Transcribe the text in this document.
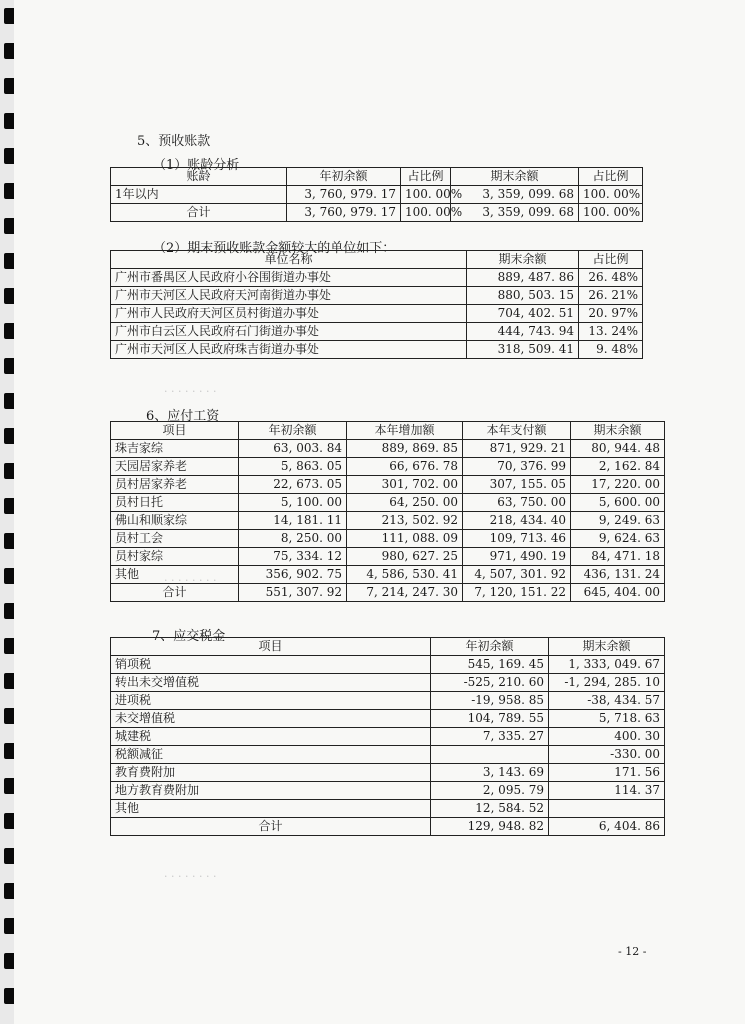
· · · · · · · ·
· · · · · · · ·
· · · · · · · ·
5、预收账款
（1）账龄分析
账龄	年初余额	占比例	期末余额	占比例
1年以内	3, 760, 979. 17	100. 00%	3, 359, 099. 68	100. 00%
合计	3, 760, 979. 17	100. 00%	3, 359, 099. 68	100. 00%
（2）期末预收账款金额较大的单位如下：
单位名称	期末余额	占比例
广州市番禺区人民政府小谷围街道办事处	889, 487. 86	26. 48%
广州市天河区人民政府天河南街道办事处	880, 503. 15	26. 21%
广州市人民政府天河区员村街道办事处	704, 402. 51	20. 97%
广州市白云区人民政府石门街道办事处	444, 743. 94	13. 24%
广州市天河区人民政府珠吉街道办事处	318, 509. 41	9. 48%
6、应付工资
项目	年初余额	本年增加额	本年支付额	期末余额
珠吉家综	63, 003. 84	889, 869. 85	871, 929. 21	80, 944. 48
天园居家养老	5, 863. 05	66, 676. 78	70, 376. 99	2, 162. 84
员村居家养老	22, 673. 05	301, 702. 00	307, 155. 05	17, 220. 00
员村日托	5, 100. 00	64, 250. 00	63, 750. 00	5, 600. 00
佛山和顺家综	14, 181. 11	213, 502. 92	218, 434. 40	9, 249. 63
员村工会	8, 250. 00	111, 088. 09	109, 713. 46	9, 624. 63
员村家综	75, 334. 12	980, 627. 25	971, 490. 19	84, 471. 18
其他	356, 902. 75	4, 586, 530. 41	4, 507, 301. 92	436, 131. 24
合计	551, 307. 92	7, 214, 247. 30	7, 120, 151. 22	645, 404. 00
7、应交税金
项目	年初余额	期末余额
销项税	545, 169. 45	1, 333, 049. 67
转出未交增值税	-525, 210. 60	-1, 294, 285. 10
进项税	-19, 958. 85	-38, 434. 57
未交增值税	104, 789. 55	5, 718. 63
城建税	7, 335. 27	400. 30
税额减征		-330. 00
教育费附加	3, 143. 69	171. 56
地方教育费附加	2, 095. 79	114. 37
其他	12, 584. 52	
合计	129, 948. 82	6, 404. 86
- 12 -
